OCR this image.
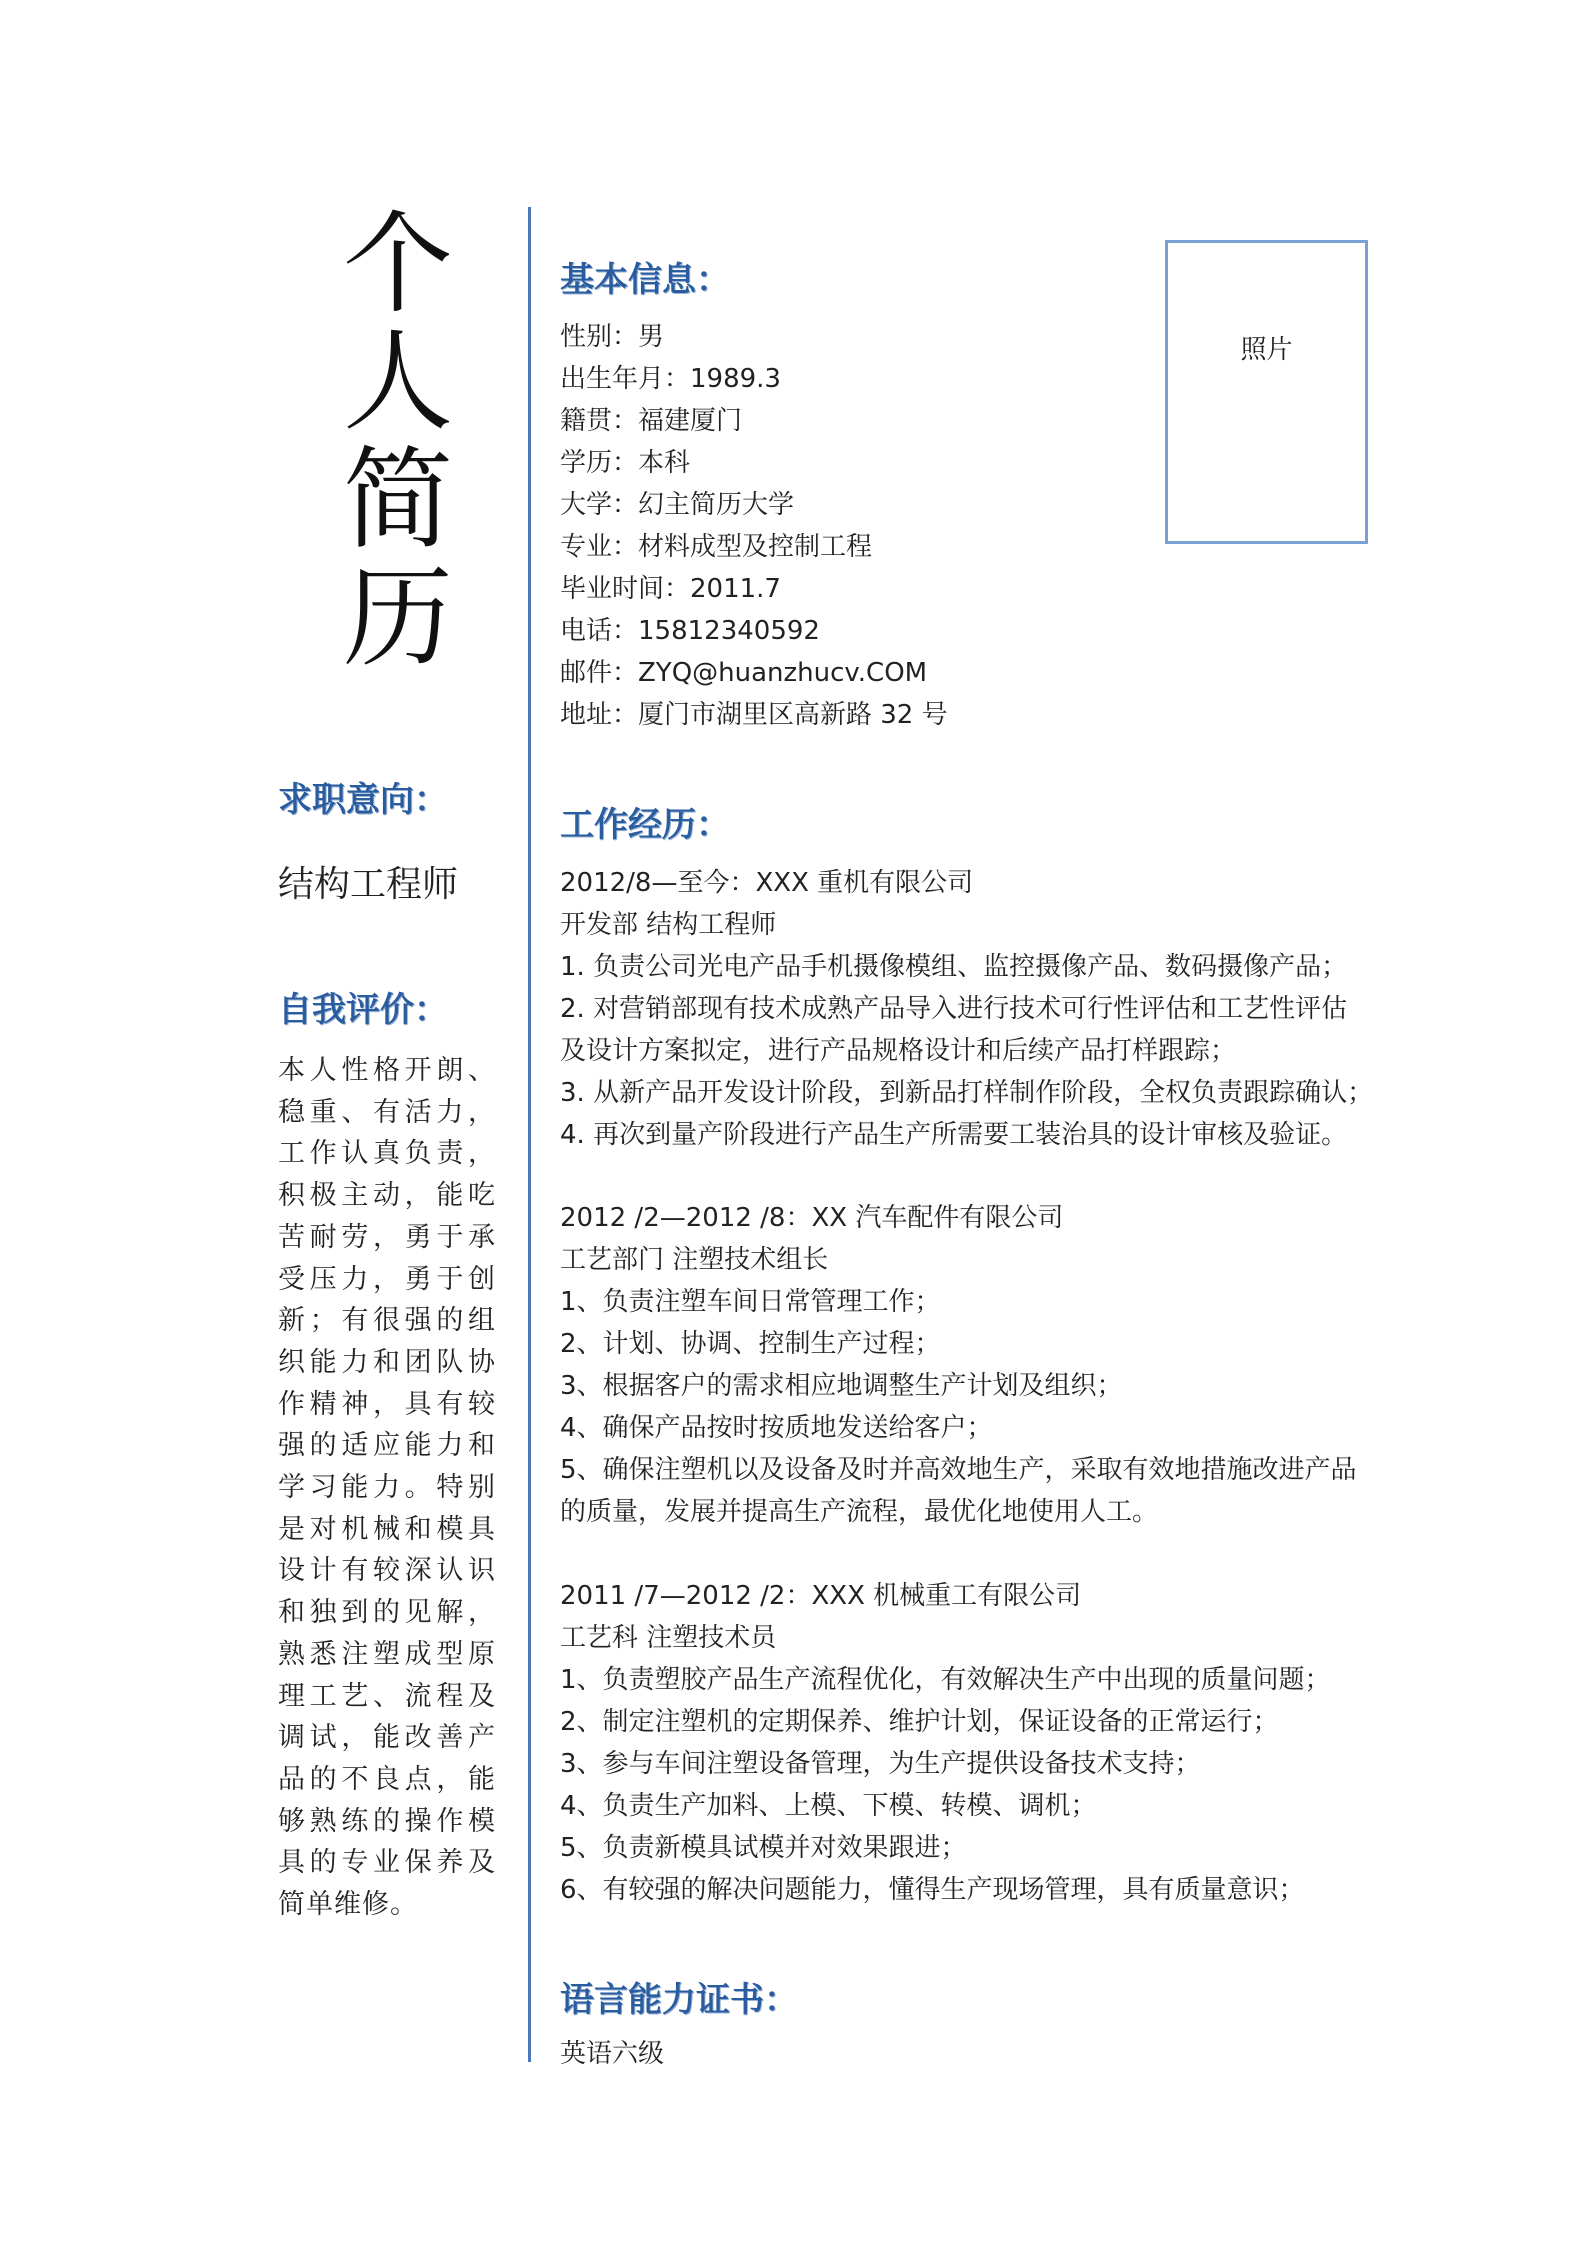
个
人
简
历
求职意向：
结构工程师
自我评价：
本人性格开朗、稳重、有活力，工作认真负责，积极主动，能吃苦耐劳，勇于承受压力，勇于创新；有很强的组织能力和团队协作精神，具有较强的适应能力和学习能力。特别是对机械和模具设计有较深认识和独到的见解，熟悉注塑成型原理工艺、流程及调试，能改善产品的不良点，能够熟练的操作模具的专业保养及简单维修。
基本信息：
性别：男
出生年月：1989.3
籍贯：福建厦门
学历：本科
大学：幻主简历大学
专业：材料成型及控制工程
毕业时间：2011.7
电话：15812340592
邮件：ZYQ@huanzhucv.COM
地址：厦门市湖里区高新路 32 号
照片
工作经历：
2012/8—至今：XXX 重机有限公司
开发部 结构工程师
1. 负责公司光电产品手机摄像模组、监控摄像产品、数码摄像产品；
2. 对营销部现有技术成熟产品导入进行技术可行性评估和工艺性评估
及设计方案拟定，进行产品规格设计和后续产品打样跟踪；
3. 从新产品开发设计阶段，到新品打样制作阶段，全权负责跟踪确认；
4. 再次到量产阶段进行产品生产所需要工装治具的设计审核及验证。
2012 /2—2012 /8：XX 汽车配件有限公司
工艺部门 注塑技术组长
1、负责注塑车间日常管理工作；
2、计划、协调、控制生产过程；
3、根据客户的需求相应地调整生产计划及组织；
4、确保产品按时按质地发送给客户；
5、确保注塑机以及设备及时并高效地生产，采取有效地措施改进产品
的质量，发展并提高生产流程，最优化地使用人工。
2011 /7—2012 /2：XXX 机械重工有限公司
工艺科 注塑技术员
1、负责塑胶产品生产流程优化，有效解决生产中出现的质量问题；
2、制定注塑机的定期保养、维护计划，保证设备的正常运行；
3、参与车间注塑设备管理，为生产提供设备技术支持；
4、负责生产加料、上模、下模、转模、调机；
5、负责新模具试模并对效果跟进；
6、有较强的解决问题能力，懂得生产现场管理，具有质量意识；
语言能力证书：
英语六级
